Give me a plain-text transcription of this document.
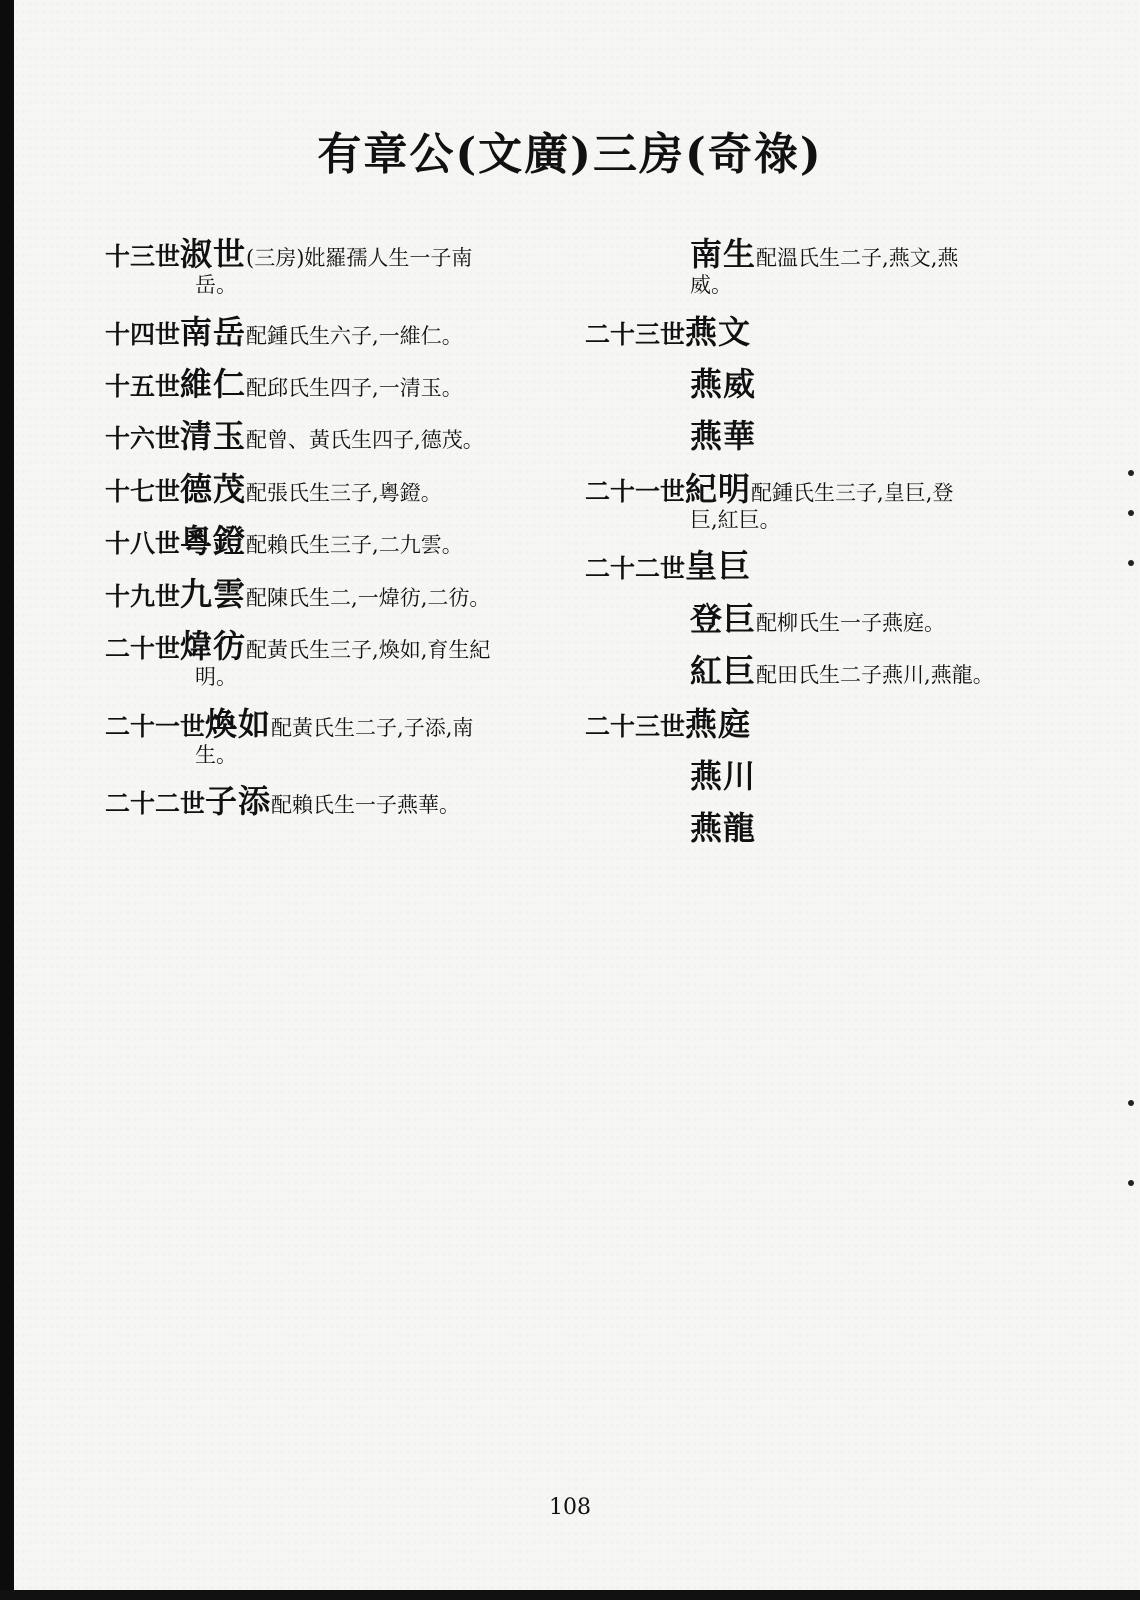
有章公(文廣)三房(奇祿)
十三世淑世(三房)妣羅孺人生一子南
岳。
十四世南岳配鍾氏生六子,一維仁。
十五世維仁配邱氏生四子,一清玉。
十六世清玉配曾、黃氏生四子,德茂。
十七世德茂配張氏生三子,粵鐙。
十八世粵鐙配賴氏生三子,二九雲。
十九世九雲配陳氏生二,一煒彷,二彷。
二十世煒彷配黃氏生三子,煥如,育生紀
明。
二十一世煥如配黃氏生二子,子添,南
生。
二十二世子添配賴氏生一子燕華。
南生配溫氏生二子,燕文,燕
威。
二十三世燕文
燕威
燕華
二十一世紀明配鍾氏生三子,皇巨,登
巨,紅巨。
二十二世皇巨
登巨配柳氏生一子燕庭。
紅巨配田氏生二子燕川,燕龍。
二十三世燕庭
燕川
燕龍
108
